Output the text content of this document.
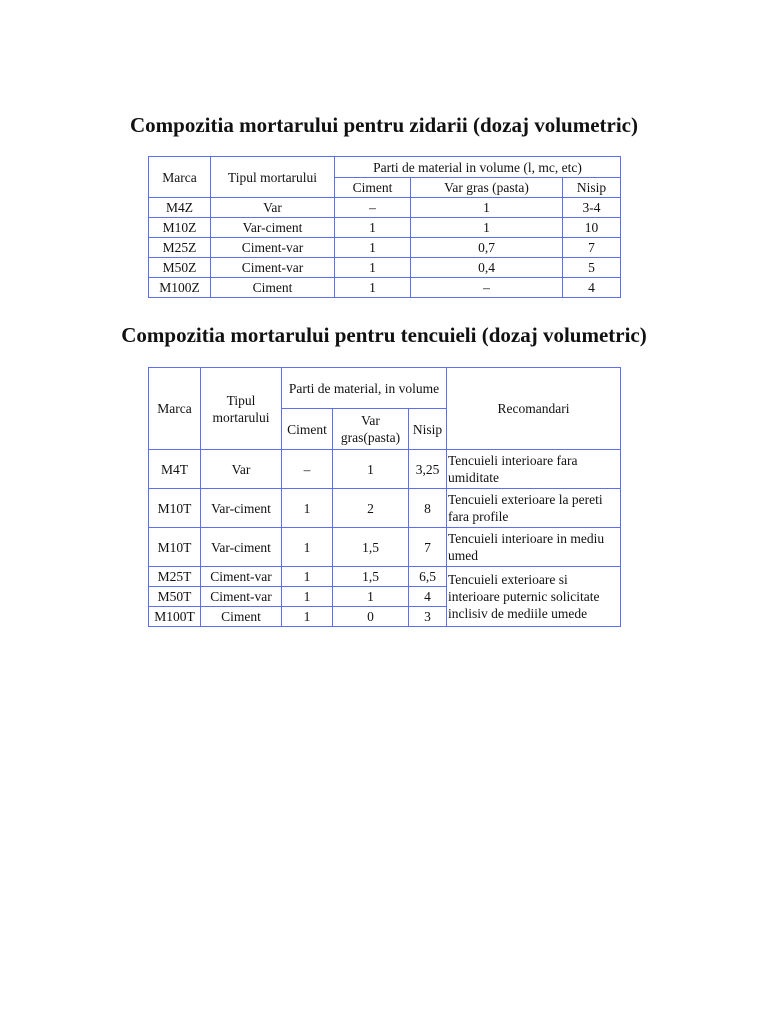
Compozitia mortarului pentru zidarii (dozaj volumetric)
Marca	Tipul mortarului	Parti de material in volume (l, mc, etc)		
		Ciment	Var gras (pasta)	Nisip
M4Z	Var	–	1	3-4
M10Z	Var-ciment	1	1	10
M25Z	Ciment-var	1	0,7	7
M50Z	Ciment-var	1	0,4	5
M100Z	Ciment	1	–	4
Compozitia mortarului pentru tencuieli (dozaj volumetric)
Marca	Tipul mortarului	Parti de material, in volume			Recomandari
		Ciment	Var gras(pasta)	Nisip	
M4T	Var	–	1	3,25	Tencuieli interioare fara umiditate
M10T	Var-ciment	1	2	8	Tencuieli exterioare la pereti fara profile
M10T	Var-ciment	1	1,5	7	Tencuieli interioare in mediu umed
M25T	Ciment-var	1	1,5	6,5	Tencuieli exterioare si interioare puternic solicitate inclisiv de mediile umede
M50T	Ciment-var	1	1	4	
M100T	Ciment	1	0	3	
